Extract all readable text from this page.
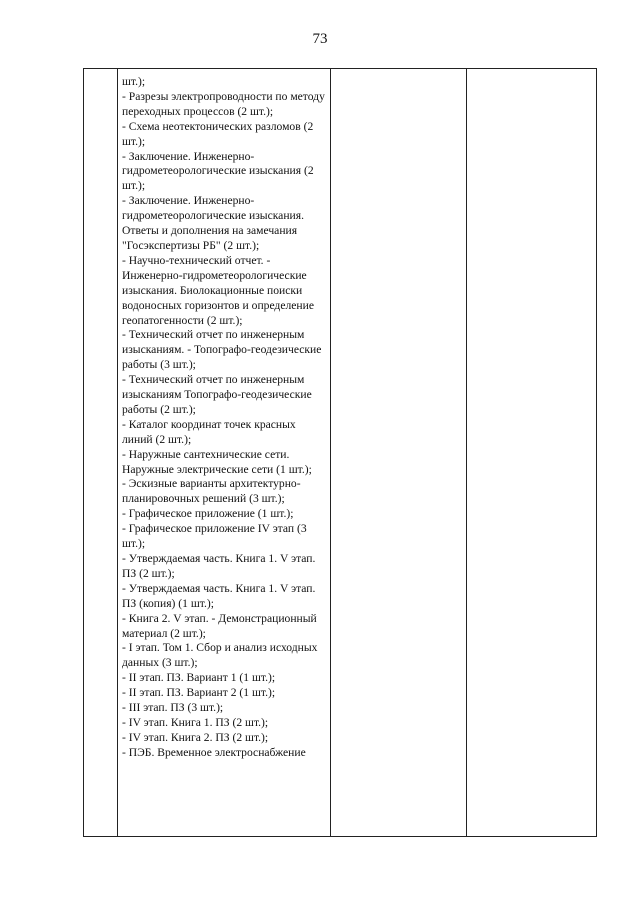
73

шт.);
- Разрезы электропроводности по методу переходных процессов (2 шт.);
- Схема неотектонических разломов (2 шт.);
- Заключение. Инженерно-гидрометеорологические изыскания (2 шт.);
- Заключение. Инженерно-гидрометеорологические изыскания. Ответы и дополнения на замечания "Госэкспертизы РБ" (2 шт.);
- Научно-технический отчет. - Инженерно-гидрометеорологические изыскания. Биолокационные поиски водоносных горизонтов и определение геопатогенности (2 шт.);
- Технический отчет по инженерным изысканиям. - Топографо-геодезические работы (3 шт.);
- Технический отчет по инженерным изысканиям Топографо-геодезические работы (2 шт.);
- Каталог координат точек красных линий (2 шт.);
- Наружные сантехнические сети. Наружные электрические сети (1 шт.);
- Эскизные варианты архитектурно-планировочных решений (3 шт.);
- Графическое приложение (1 шт.);
- Графическое приложение IV этап (3 шт.);
- Утверждаемая часть. Книга 1. V этап. ПЗ (2 шт.);
- Утверждаемая часть. Книга 1. V этап. ПЗ (копия) (1 шт.);
- Книга 2. V этап. - Демонстрационный материал (2 шт.);
- I этап. Том 1. Сбор и анализ исходных данных (3 шт.);
- II этап. ПЗ. Вариант 1 (1 шт.);
- II этап. ПЗ. Вариант 2 (1 шт.);
- III этап. ПЗ (3 шт.);
- IV этап. Книга 1. ПЗ (2 шт.);
- IV этап. Книга 2. ПЗ (2 шт.);
- ПЭБ. Временное электроснабжение
